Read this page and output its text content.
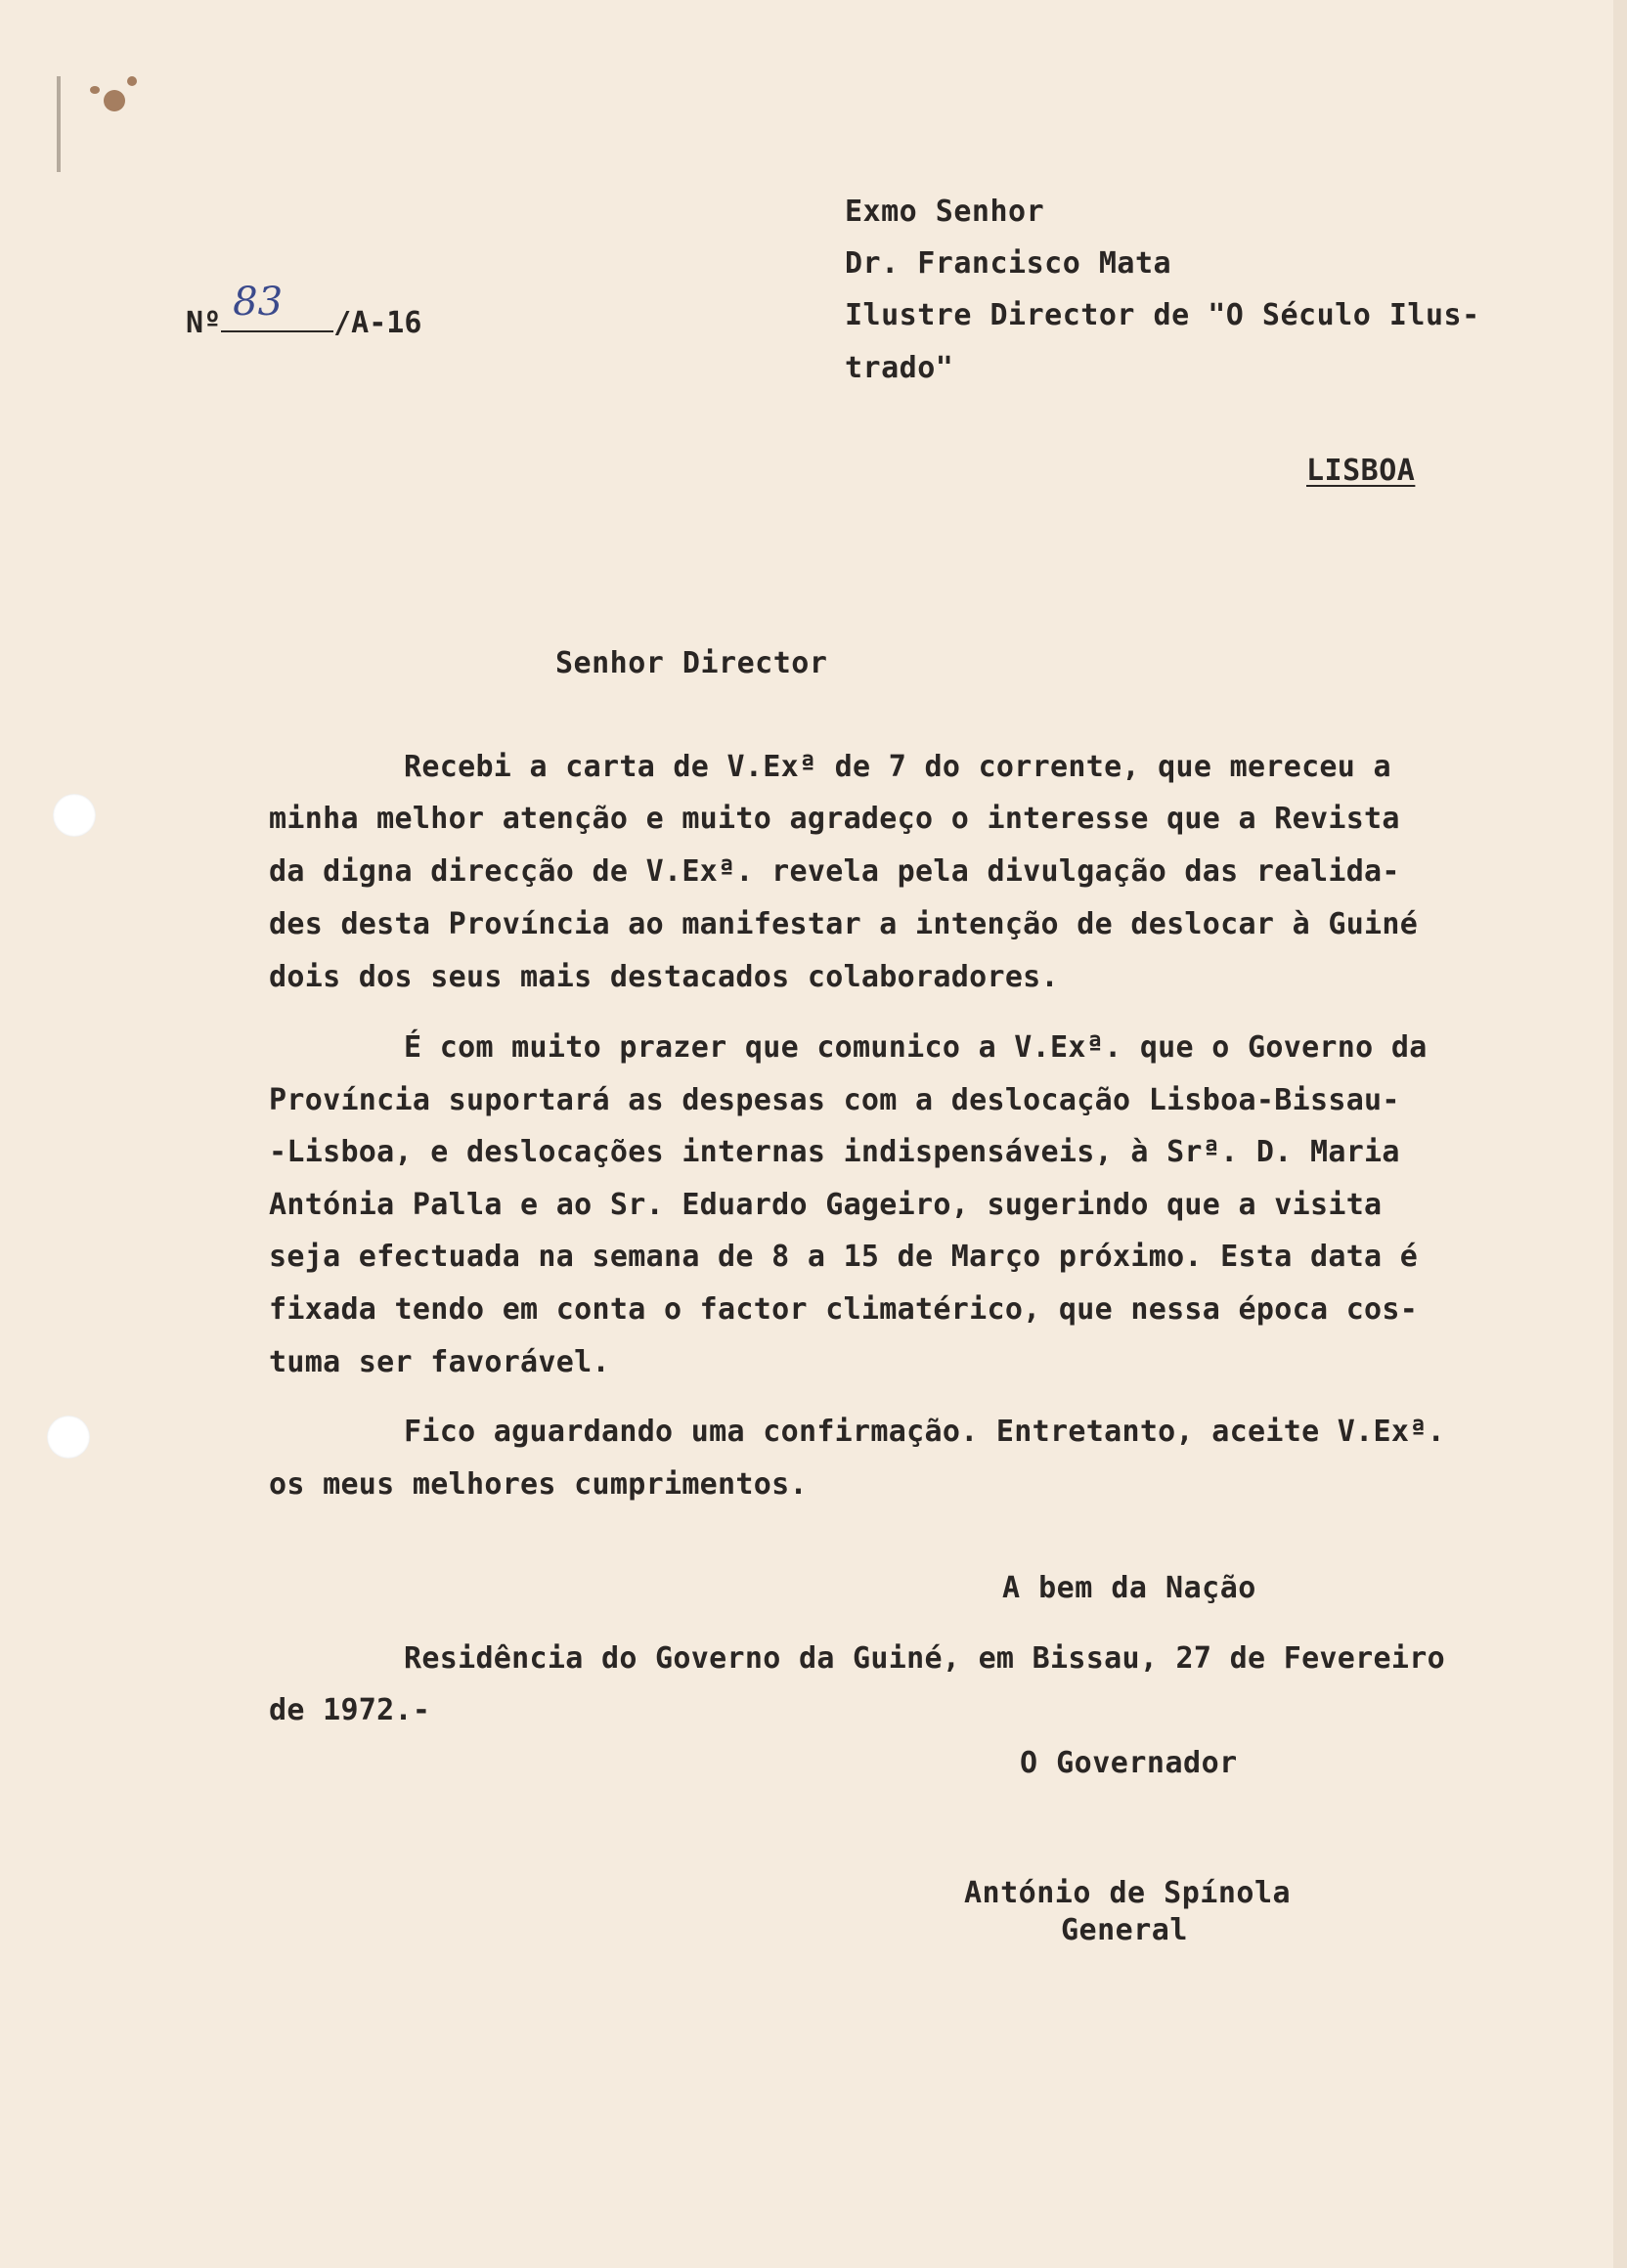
Nº 83 /A-16

Exmo Senhor

Dr. Francisco Mata

Ilustre Director de "O Século Ilus-

trado"

LISBOA

Senhor Director

Recebi a carta de V.Exª de 7 do corrente, que mereceu a

minha melhor atenção e muito agradeço o interesse que a Revista

da digna direcção de V.Exª. revela pela divulgação das realida-

des desta Província ao manifestar a intenção de deslocar à Guiné

dois dos seus mais destacados colaboradores.

É com muito prazer que comunico a V.Exª. que o Governo da

Província suportará as despesas com a deslocação Lisboa-Bissau-

-Lisboa, e deslocações internas indispensáveis, à Srª. D. Maria

Antónia Palla e ao Sr. Eduardo Gageiro, sugerindo que a visita

seja efectuada na semana de 8 a 15 de Março próximo. Esta data é

fixada tendo em conta o factor climatérico, que nessa época cos-

tuma ser favorável.

Fico aguardando uma confirmação. Entretanto, aceite V.Exª.

os meus melhores cumprimentos.

A bem da Nação

Residência do Governo da Guiné, em Bissau, 27 de Fevereiro

de 1972.-

O Governador

António de Spínola

General
